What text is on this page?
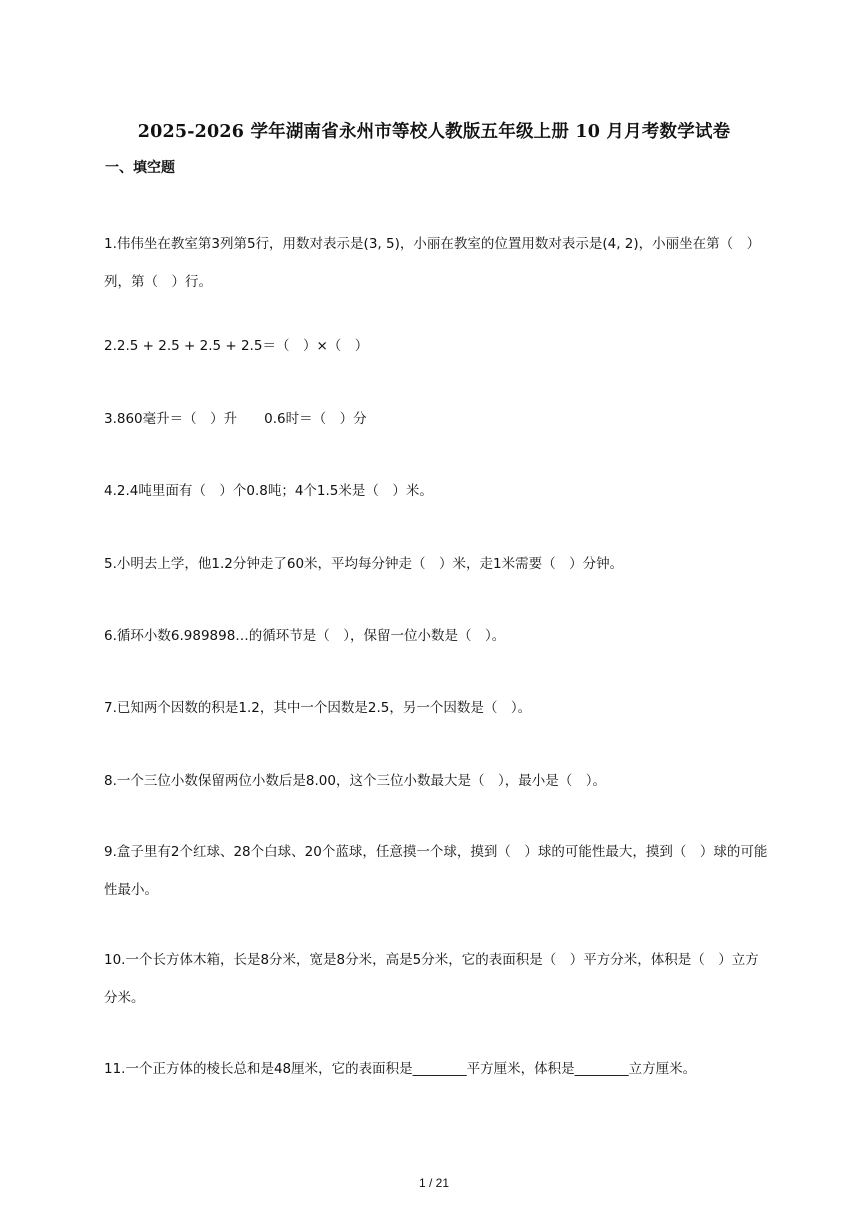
2025-2026 学年湖南省永州市等校人教版五年级上册 10 月月考数学试卷
一、填空题

1.伟伟坐在教室第3列第5行，用数对表示是(3, 5)，小丽在教室的位置用数对表示是(4, 2)，小丽坐在第（　）列，第（　）行。

2.2.5 + 2.5 + 2.5 + 2.5＝（　）×（　）

3.860毫升＝（　）升　　0.6时＝（　）分

4.2.4吨里面有（　）个0.8吨；4个1.5米是（　）米。

5.小明去上学，他1.2分钟走了60米，平均每分钟走（　）米，走1米需要（　）分钟。

6.循环小数6.989898…的循环节是（　），保留一位小数是（　）。

7.已知两个因数的积是1.2，其中一个因数是2.5，另一个因数是（　）。

8.一个三位小数保留两位小数后是8.00，这个三位小数最大是（　），最小是（　）。

9.盒子里有2个红球、28个白球、20个蓝球，任意摸一个球，摸到（　）球的可能性最大，摸到（　）球的可能性最小。

10.一个长方体木箱，长是8分米，宽是8分米，高是5分米，它的表面积是（　）平方分米，体积是（　）立方分米。

11.一个正方体的棱长总和是48厘米，它的表面积是________平方厘米，体积是________立方厘米。

1 / 21
